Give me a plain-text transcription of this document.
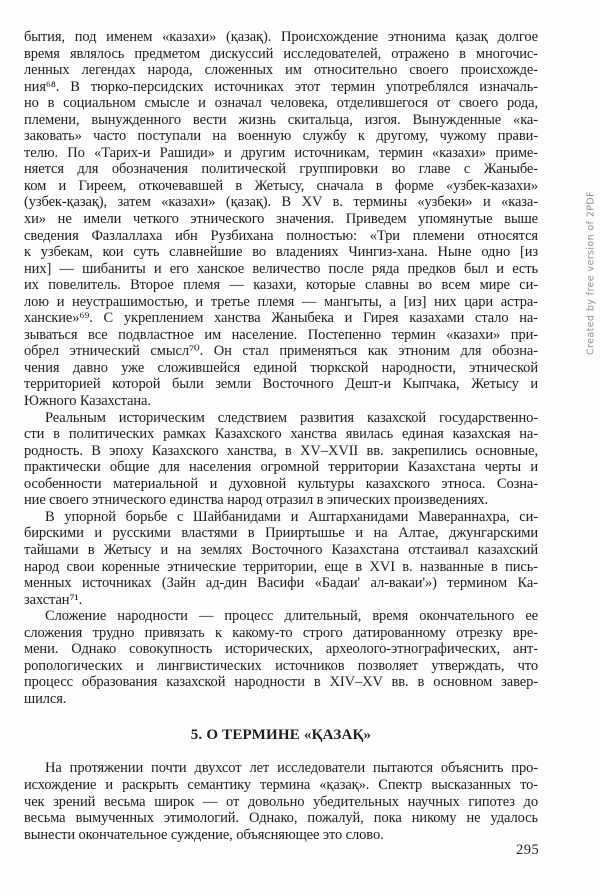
бытия, под именем «казахи» (қазақ). Происхождение этнонима қазақ долгое
время являлось предметом дискуссий исследователей, отражено в многочис-
ленных легендах народа, сложенных им относительно своего происхожде-
ния⁶⁸. В тюрко-персидских источниках этот термин употреблялся изначаль-
но в социальном смысле и означал человека, отделившегося от своего рода,
племени, вынужденного вести жизнь скитальца, изгоя. Вынужденные «ка-
заковать» часто поступали на военную службу к другому, чужому прави-
телю. По «Тарих-и Рашиди» и другим источникам, термин «казахи» приме-
няется для обозначения политической группировки во главе с Жаныбе-
ком и Гиреем, откочевавшей в Жетысу, сначала в форме «узбек-казахи»
(узбек-қазақ), затем «казахи» (қазақ). В XV в. термины «узбеки» и «каза-
хи» не имели четкого этнического значения. Приведем упомянутые выше
сведения Фазлаллаха ибн Рузбихана полностью: «Три племени относятся
к узбекам, кои суть славнейшие во владениях Чингиз-хана. Ныне одно [из
них] — шибаниты и его ханское величество после ряда предков был и есть
их повелитель. Второе племя — казахи, которые славны во всем мире си-
лою и неустрашимостью, и третье племя — мангыты, а [из] них цари астра-
ханские»⁶⁹. С укреплением ханства Жаныбека и Гирея казахами стало на-
зываться все подвластное им население. Постепенно термин «казахи» при-
обрел этнический смысл⁷⁰. Он стал применяться как этноним для обозна-
чения давно уже сложившейся единой тюркской народности, этнической
территорией которой были земли Восточного Дешт-и Кыпчака, Жетысу и
Южного Казахстана.
Реальным историческим следствием развития казахской государственно-
сти в политических рамках Казахского ханства явилась единая казахская на-
родность. В эпоху Казахского ханства, в XV–XVII вв. закрепились основные,
практически общие для населения огромной территории Казахстана черты и
особенности материальной и духовной культуры казахского этноса. Созна-
ние своего этнического единства народ отразил в эпических произведениях.
В упорной борьбе с Шайбанидами и Аштарханидами Мавераннахра, си-
бирскими и русскими властями в Прииртышье и на Алтае, джунгарскими
тайшами в Жетысу и на землях Восточного Казахстана отстаивал казахский
народ свои коренные этнические территории, еще в XVI в. названные в пись-
менных источниках (Зайн ад-дин Васифи «Бадаи' ал-вакаи'») термином Ка-
захстан⁷¹.
Сложение народности — процесс длительный, время окончательного ее
сложения трудно привязать к какому-то строго датированному отрезку вре-
мени. Однако совокупность исторических, археолого-этнографических, ант-
ропологических и лингвистических источников позволяет утверждать, что
процесс образования казахской народности в XIV–XV вв. в основном завер-
шился.
5. О ТЕРМИНЕ «ҚАЗАҚ»
На протяжении почти двухсот лет исследователи пытаются объяснить про-
исхождение и раскрыть семантику термина «қазақ». Спектр высказанных то-
чек зрений весьма широк — от довольно убедительных научных гипотез до
весьма вымученных этимологий. Однако, пожалуй, пока никому не удалось
вынести окончательное суждение, объясняющее это слово.
295
Created by free version of 2PDF
